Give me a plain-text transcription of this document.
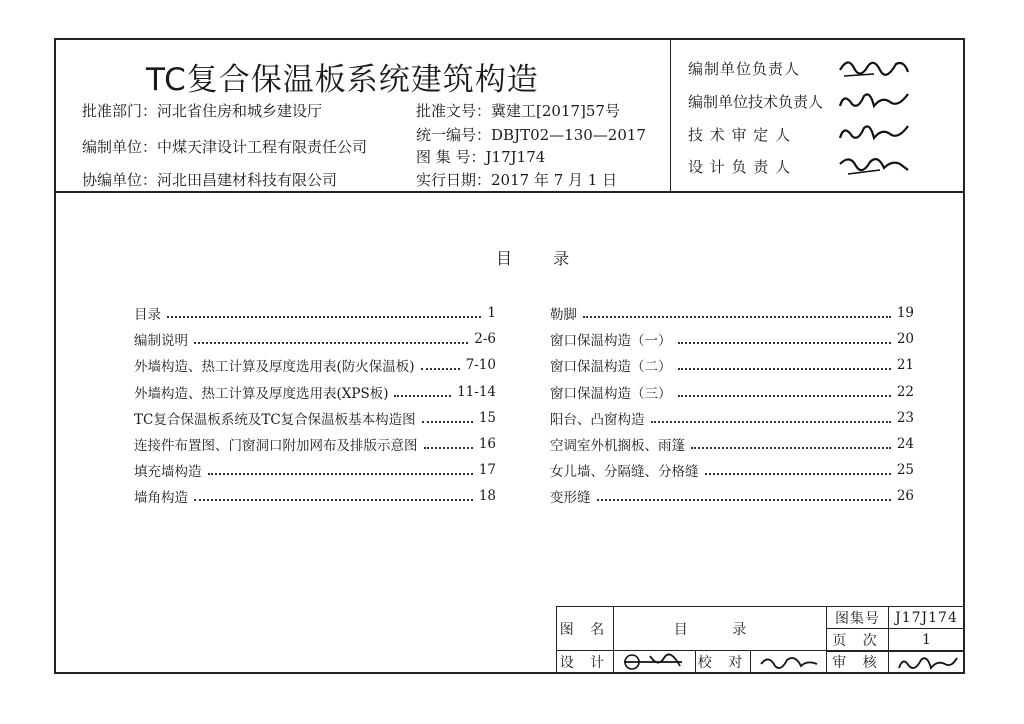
TC复合保温板系统建筑构造
批准部门：河北省住房和城乡建设厅	批准文号：冀建工[2017]57号
统一编号：DBJT02—130—2017
编制单位：中煤天津设计工程有限责任公司
图 集 号：J17J174
协编单位：河北田昌建材科技有限公司	实行日期：2017 年 7 月 1 日
编制单位负责人
编制单位技术负责人
技 术 审 定 人
设 计 负 责 人
目 录
目录	1
编制说明	2-6
外墙构造、热工计算及厚度选用表(防火保温板)	7-10
外墙构造、热工计算及厚度选用表(XPS板)	11-14
TC复合保温板系统及TC复合保温板基本构造图	15
连接件布置图、门窗洞口附加网布及排版示意图	16
填充墙构造	17
墙角构造	18
勒脚	19
窗口保温构造（一）	20
窗口保温构造（二）	21
窗口保温构造（三）	22
阳台、凸窗构造	23
空调室外机搁板、雨篷	24
女儿墙、分隔缝、分格缝	25
变形缝	26
图 名	目 录
图集号	J17J174
页 次	1
设 计	校 对	审 核
